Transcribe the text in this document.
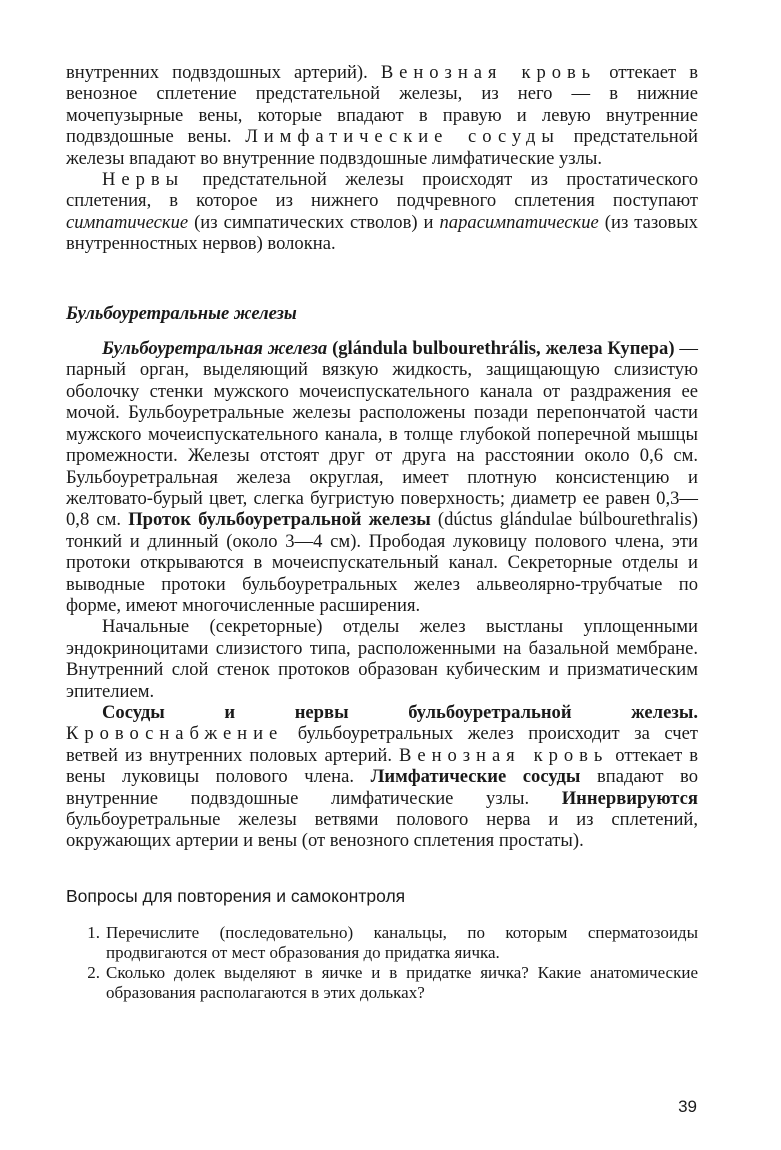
внутренних подвздошных артерий). Венозная кровь оттекает в венозное сплетение предстательной железы, из него — в нижние мочепузырные вены, которые впадают в правую и левую внутренние подвздошные вены. Лимфатические сосуды предстательной железы впадают во внутренние подвздошные лимфатические узлы.

Нервы предстательной железы происходят из простатического сплетения, в которое из нижнего подчревного сплетения поступают симпатические (из симпатических стволов) и парасимпатические (из тазовых внутренностных нервов) волокна.

Бульбоуретральные железы

Бульбоуретральная железа (glándula bulbourethrális, железа Купера) — парный орган, выделяющий вязкую жидкость, защищающую слизистую оболочку стенки мужского мочеиспускательного канала от раздражения ее мочой. Бульбоуретральные железы расположены позади перепончатой части мужского мочеиспускательного канала, в толще глубокой поперечной мышцы промежности. Железы отстоят друг от друга на расстоянии около 0,6 см. Бульбоуретральная железа округлая, имеет плотную консистенцию и желтовато-бурый цвет, слегка бугристую поверхность; диаметр ее равен 0,3—0,8 см. Проток бульбоуретральной железы (dúctus glándulae búlbourethralis) тонкий и длинный (около 3—4 см). Прободая луковицу полового члена, эти протоки открываются в мочеиспускательный канал. Секреторные отделы и выводные протоки бульбоуретральных желез альвеолярно-трубчатые по форме, имеют многочисленные расширения.

Начальные (секреторные) отделы желез выстланы уплощенными эндокриноцитами слизистого типа, расположенными на базальной мембране. Внутренний слой стенок протоков образован кубическим и призматическим эпителием.

Сосуды и нервы бульбоуретральной железы. Кровоснабжение бульбоуретральных желез происходит за счет ветвей из внутренних половых артерий. Венозная кровь оттекает в вены луковицы полового члена. Лимфатические сосуды впадают во внутренние подвздошные лимфатические узлы. Иннервируются бульбоуретральные железы ветвями полового нерва и из сплетений, окружающих артерии и вены (от венозного сплетения простаты).

Вопросы для повторения и самоконтроля

1. Перечислите (последовательно) канальцы, по которым сперматозоиды продвигаются от мест образования до придатка яичка.
2. Сколько долек выделяют в яичке и в придатке яичка? Какие анатомические образования располагаются в этих дольках?
39
